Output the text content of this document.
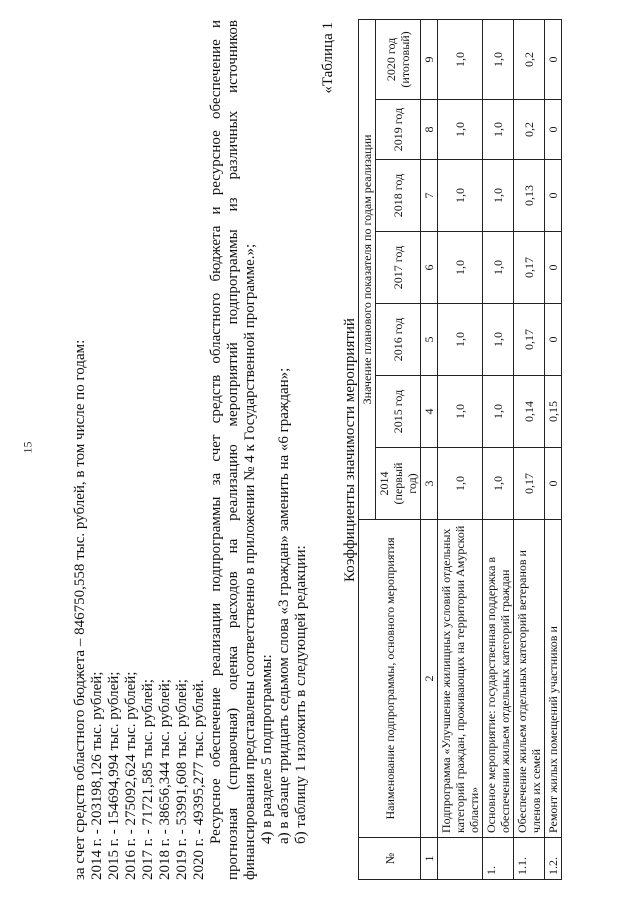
15	за счет средств областного бюджета – 846750,558 тыс. рублей, в том числе по годам: 2014 г. - 203198,126 тыс. рублей; 2015 г. - 154694,994 тыс. рублей; 2016 г. - 275092,624 тыс. рублей; 2017 г. - 71721,585 тыс. рублей; 2018 г. - 38656,344 тыс. рублей; 2019 г. - 53991,608 тыс. рублей; 2020 г. - 49395,277 тыс. рублей. Ресурсное обеспечение реализации подпрограммы за счет средств областного бюджета и ресурсное обеспечение и прогнозная (справочная) оценка расходов на реализацию мероприятий подпрограммы из различных источников финансирования представлены соответственно в приложении № 4 к Государственной программе.»; 4) в разделе 5 подпрограммы: а) в абзаце тридцать седьмом слова «3 граждан» заменить на «6 граждан»; б) таблицу 1 изложить в следующей редакции:
«Таблица 1
Коэффициенты значимости мероприятий
№	Наименование подпрограммы, основного мероприятия	Значение планового показателя по годам реализации						
		2014 (первый год)	2015 год	2016 год	2017 год	2018 год	2019 год	2020 год (итоговый)
1	2	3	4	5	6	7	8	9
	Подпрограмма «Улучшение жилищных условий отдельных категорий граждан, проживающих на территории Амурской области»	1,0	1,0	1,0	1,0	1,0	1,0	1,0
1.	Основное мероприятие: государственная поддержка в обеспечении жильем отдельных категорий граждан	1,0	1,0	1,0	1,0	1,0	1,0	1,0
1.1.	Обеспечение жильем отдельных категорий ветеранов и членов их семей	0,17	0,14	0,17	0,17	0,13	0,2	0,2
1.2.	Ремонт жилых помещений участников и	0	0,15	0	0	0	0	0
